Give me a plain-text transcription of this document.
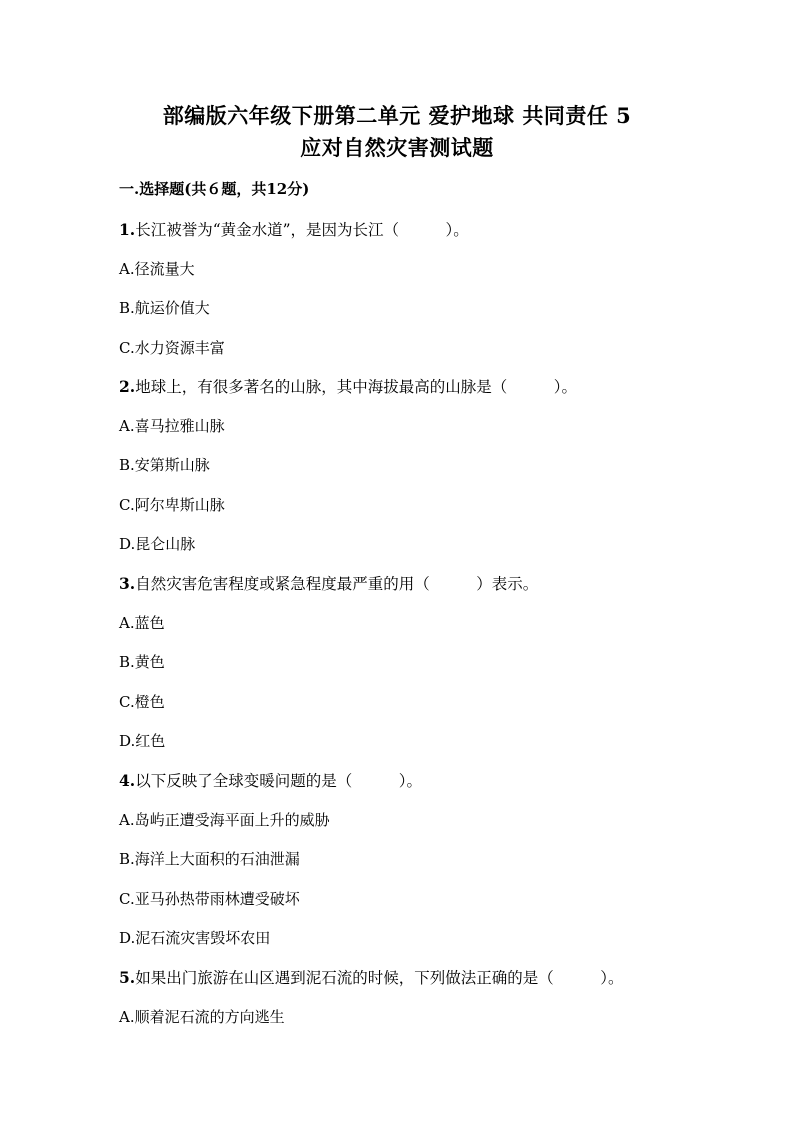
部编版六年级下册第二单元 爱护地球 共同责任 5
应对自然灾害测试题
一.选择题(共６题，共12分)
1.长江被誉为“黄金水道”，是因为长江（　　　）。
A.径流量大
B.航运价值大
C.水力资源丰富
2.地球上，有很多著名的山脉，其中海拔最高的山脉是（　　　）。
A.喜马拉雅山脉
B.安第斯山脉
C.阿尔卑斯山脉
D.昆仑山脉
3.自然灾害危害程度或紧急程度最严重的用（　　　）表示。
A.蓝色
B.黄色
C.橙色
D.红色
4.以下反映了全球变暖问题的是（　　　）。
A.岛屿正遭受海平面上升的威胁
B.海洋上大面积的石油泄漏
C.亚马孙热带雨林遭受破坏
D.泥石流灾害毁坏农田
5.如果出门旅游在山区遇到泥石流的时候，下列做法正确的是（　　　）。
A.顺着泥石流的方向逃生
